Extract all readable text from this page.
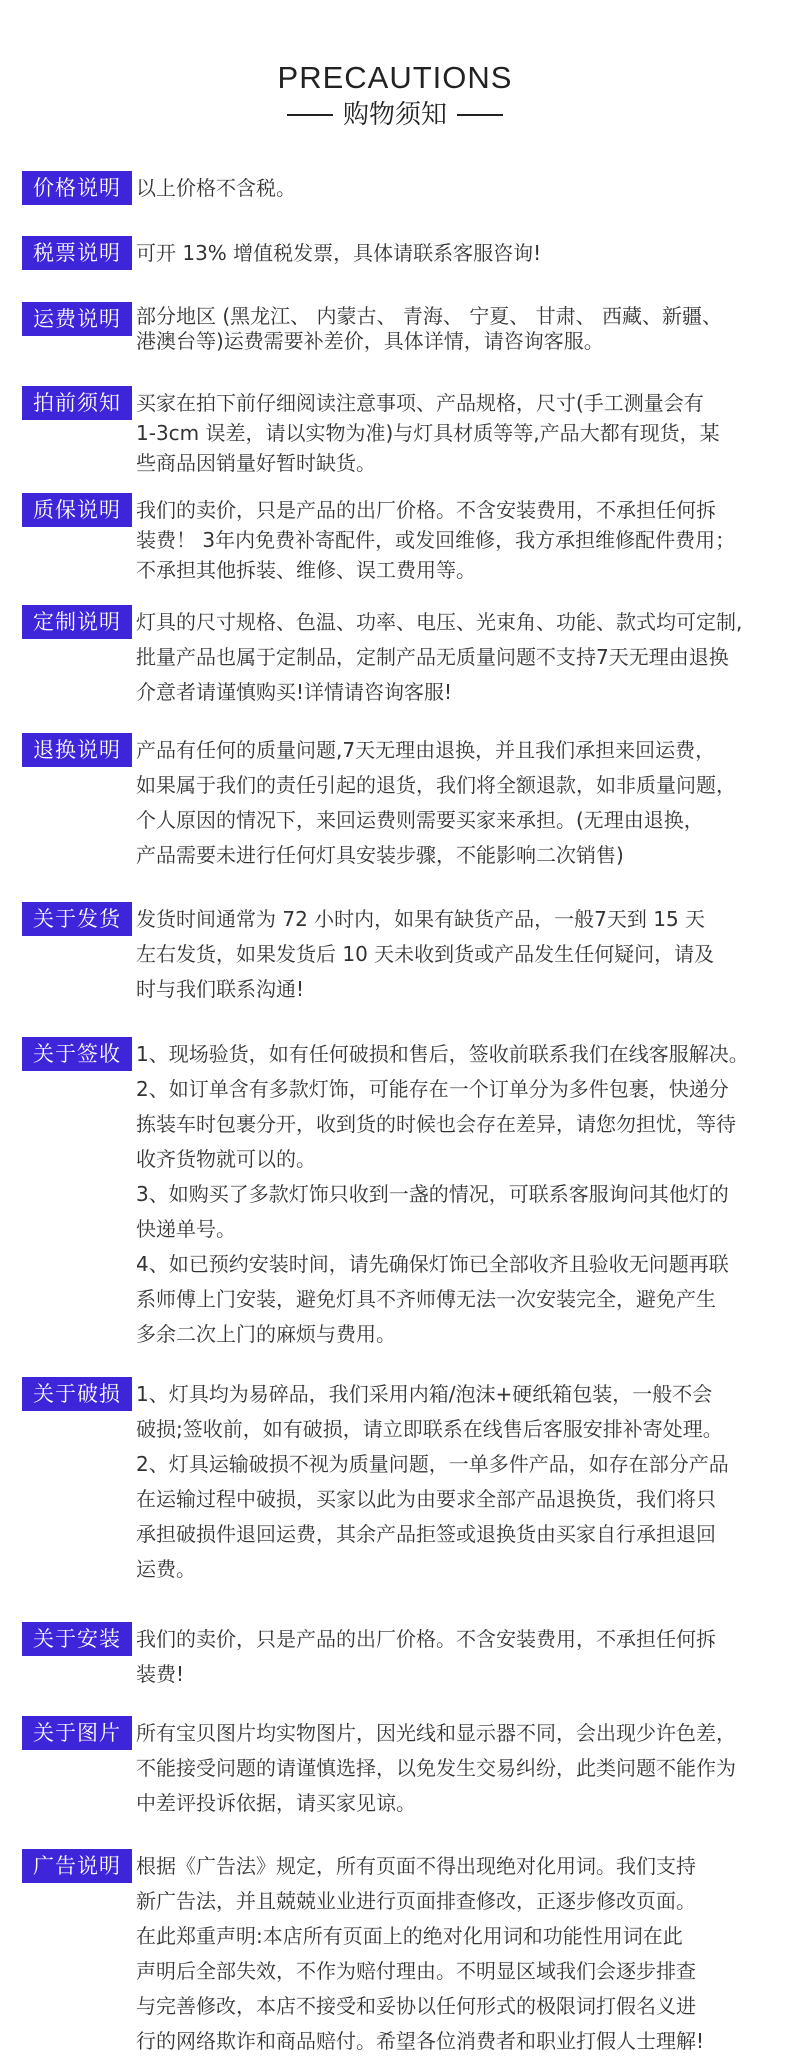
PRECAUTIONS
购物须知
价格说明 以上价格不含税。
税票说明 可开 13% 增值税发票，具体请联系客服咨询!
运费说明 部分地区 (黑龙江、 内蒙古、 青海、 宁夏、 甘肃、 西藏、新疆、
港澳台等)运费需要补差价，具体详情，请咨询客服。
拍前须知 买家在拍下前仔细阅读注意事项、产品规格，尺寸(手工测量会有
1-3cm 误差，请以实物为准)与灯具材质等等,产品大都有现货，某
些商品因销量好暂时缺货。
质保说明 我们的卖价，只是产品的出厂价格。不含安装费用，不承担任何拆
装费！ 3年内免费补寄配件，或发回维修，我方承担维修配件费用；
不承担其他拆装、维修、误工费用等。
定制说明 灯具的尺寸规格、色温、功率、电压、光束角、功能、款式均可定制,
批量产品也属于定制品，定制产品无质量问题不支持7天无理由退换
介意者请谨慎购买!详情请咨询客服!
退换说明 产品有任何的质量问题,7天无理由退换，并且我们承担来回运费，
如果属于我们的责任引起的退货，我们将全额退款，如非质量问题，
个人原因的情况下，来回运费则需要买家来承担。(无理由退换，
产品需要未进行任何灯具安装步骤，不能影响二次销售)
关于发货 发货时间通常为 72 小时内，如果有缺货产品，一般7天到 15 天
左右发货，如果发货后 10 天未收到货或产品发生任何疑问，请及
时与我们联系沟通!
关于签收 1、现场验货，如有任何破损和售后，签收前联系我们在线客服解决。
2、如订单含有多款灯饰，可能存在一个订单分为多件包裹，快递分
拣装车时包裹分开，收到货的时候也会存在差异，请您勿担忧，等待
收齐货物就可以的。
3、如购买了多款灯饰只收到一盏的情况，可联系客服询问其他灯的
快递单号。
4、如已预约安装时间，请先确保灯饰已全部收齐且验收无问题再联
系师傅上门安装，避免灯具不齐师傅无法一次安装完全，避免产生
多余二次上门的麻烦与费用。
关于破损 1、灯具均为易碎品，我们采用内箱/泡沫+硬纸箱包装，一般不会
破损;签收前，如有破损，请立即联系在线售后客服安排补寄处理。
2、灯具运输破损不视为质量问题，一单多件产品，如存在部分产品
在运输过程中破损，买家以此为由要求全部产品退换货，我们将只
承担破损件退回运费，其余产品拒签或退换货由买家自行承担退回
运费。
关于安装 我们的卖价，只是产品的出厂价格。不含安装费用，不承担任何拆
装费!
关于图片 所有宝贝图片均实物图片，因光线和显示器不同，会出现少许色差，
不能接受问题的请谨慎选择，以免发生交易纠纷，此类问题不能作为
中差评投诉依据，请买家见谅。
广告说明 根据《广告法》规定，所有页面不得出现绝对化用词。我们支持
新广告法，并且兢兢业业进行页面排查修改，正逐步修改页面。
在此郑重声明:本店所有页面上的绝对化用词和功能性用词在此
声明后全部失效，不作为赔付理由。不明显区域我们会逐步排查
与完善修改，本店不接受和妥协以任何形式的极限词打假名义进
行的网络欺诈和商品赔付。希望各位消费者和职业打假人士理解!
